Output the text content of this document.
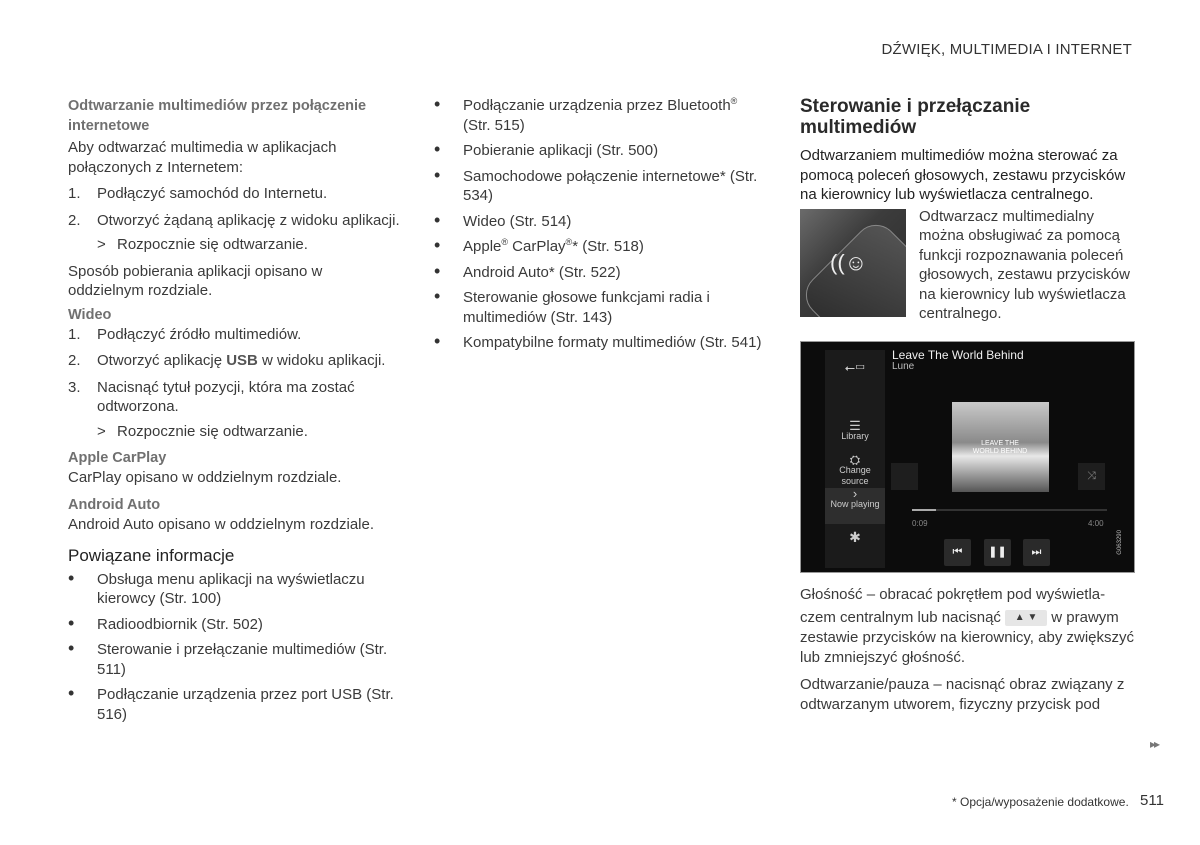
DŹWIĘK, MULTIMEDIA I INTERNET
Odtwarzanie multimediów przez połączenie internetowe

Aby odtwarzać multimedia w aplikacjach połączonych z Internetem:

1. Podłączyć samochód do Internetu.
2. Otworzyć żądaną aplikację z widoku aplikacji.
> Rozpocznie się odtwarzanie.

Sposób pobierania aplikacji opisano w oddzielnym rozdziale.

Wideo
1. Podłączyć źródło multimediów.
2. Otworzyć aplikację USB w widoku aplikacji.
3. Nacisnąć tytuł pozycji, która ma zostać odtworzona.
> Rozpocznie się odtwarzanie.
Apple CarPlay

CarPlay opisano w oddzielnym rozdziale.

Android Auto

Android Auto opisano w oddzielnym rozdziale.

Powiązane informacje
• Obsługa menu aplikacji na wyświetlaczu kierowcy (Str. 100)
• Radioodbiornik (Str. 502)
• Sterowanie i przełączanie multimediów (Str. 511)
• Podłączanie urządzenia przez port USB (Str. 516)
• Podłączanie urządzenia przez Bluetooth®
(Str. 515)
• Pobieranie aplikacji (Str. 500)
• Samochodowe połączenie internetowe* (Str. 534)
• Wideo (Str. 514)
• Apple® CarPlay®* (Str. 518)
• Android Auto* (Str. 522)
• Sterowanie głosowe funkcjami radia i multimediów (Str. 143)
• Kompatybilne formaty multimediów (Str. 541)
Sterowanie i przełączanie multimediów

Odtwarzaniem multimediów można sterować za pomocą poleceń głosowych, zestawu przycisków na kierownicy lub wyświetlacza centralnego.

((☺
Odtwarzacz multimedialny można obsługiwać za pomocą funkcji rozpoznawania poleceń głosowych, zestawu przycisków na kierownicy lub wyświetlacza centralnego.
⭠▭
☰
Library
⛭
Change source
›
Now playing
✱
Leave The World Behind
Lune
LEAVE THE WORLD BEHIND
⤨
0:09	4:00
⏮	❚❚	⏭	G063290

Głośność – obracać pokrętłem pod wyświetla-

czem centralnym lub nacisnąć ▲ ▼ w prawym zestawie przycisków na kierownicy, aby zwiększyć lub zmniejszyć głośność.

Odtwarzanie/pauza – nacisnąć obraz związany z odtwarzanym utworem, fizyczny przycisk pod

▸▸
* Opcja/wyposażenie dodatkowe. 511
